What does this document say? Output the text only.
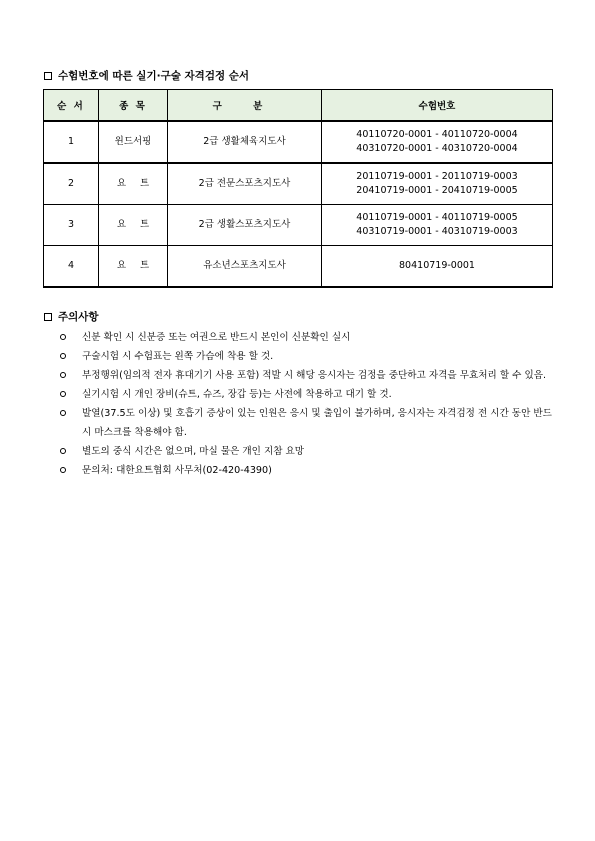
수험번호에 따른 실기·구술 자격검정 순서
순 서	종 목	구 분	수험번호
1	윈드서핑	2급 생활체육지도사	40110720-0001 - 40110720-0004
40310720-0001 - 40310720-0004

2	요트	2급 전문스포츠지도사	20110719-0001 - 20110719-0003
20410719-0001 - 20410719-0005

3	요트	2급 생활스포츠지도사	40110719-0001 - 40110719-0005
40310719-0001 - 40310719-0003

4	요트	유소년스포츠지도사	80410719-0001
주의사항
신분 확인 시 신분증 또는 여권으로 반드시 본인이 신분확인 실시
구술시험 시 수험표는 왼쪽 가슴에 착용 할 것.
부정행위(임의적 전자 휴대기기 사용 포함) 적발 시 해당 응시자는 검정을 중단하고 자격을 무효처리 할 수 있음.
실기시험 시 개인 장비(슈트, 슈즈, 장갑 등)는 사전에 착용하고 대기 할 것.
발열(37.5도 이상) 및 호흡기 증상이 있는 인원은 응시 및 출입이 불가하며, 응시자는 자격검정 전 시간 동안 반드시 마스크를 착용해야 함.
별도의 중식 시간은 없으며, 마실 물은 개인 지참 요망
문의처: 대한요트협회 사무처(02-420-4390)
